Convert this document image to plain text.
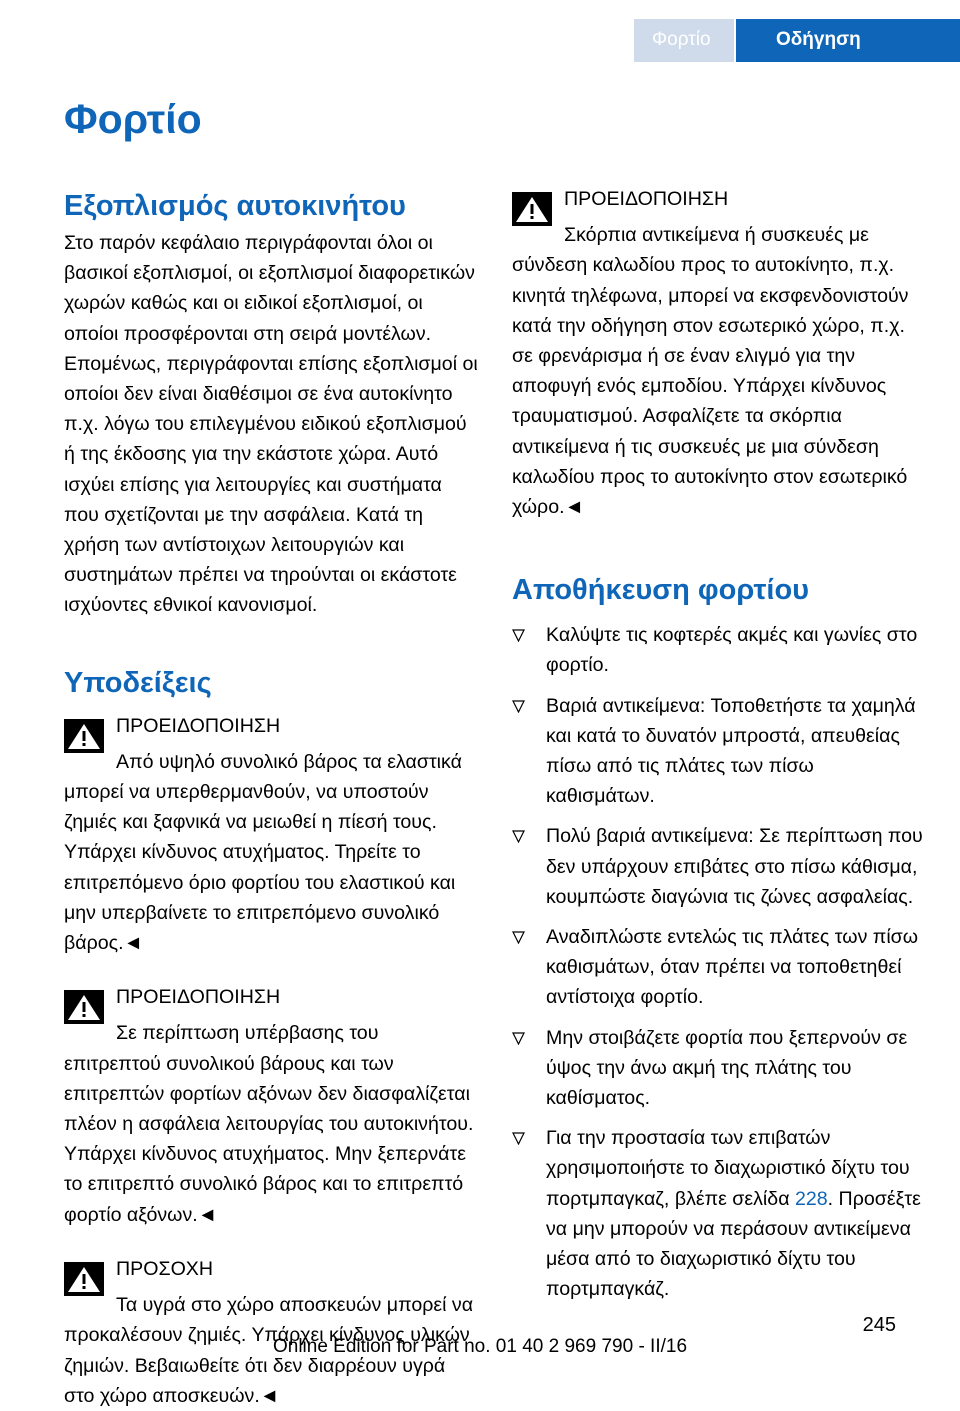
Φορτίο	Οδήγηση
Φορτίο
Εξοπλισμός αυτοκινήτου

Στο παρόν κεφάλαιο περιγράφονται όλοι οι βασικοί εξοπλισμοί, οι εξοπλισμοί διαφορετικών χωρών καθώς και οι ειδικοί εξοπλισμοί, οι οποίοι προσφέρονται στη σειρά μοντέλων. Επομένως, περιγράφονται επίσης εξοπλισμοί οι οποίοι δεν είναι διαθέσιμοι σε ένα αυτοκίνητο π.χ. λόγω του επιλεγμένου ειδικού εξοπλισμού ή της έκδοσης για την εκάστοτε χώρα. Αυτό ισχύει επίσης για λειτουργίες και συστήματα που σχετίζονται με την ασφάλεια. Κατά τη χρήση των αντίστοιχων λειτουργιών και συστημάτων πρέπει να τηρούνται οι εκάστοτε ισχύοντες εθνικοί κανονισμοί.

Υποδείξεις
ΠΡΟΕΙΔΟΠΟΙΗΣΗ

Από υψηλό συνολικό βάρος τα ελαστικά μπορεί να υπερθερμανθούν, να υποστούν ζημιές και ξαφνικά να μειωθεί η πίεσή τους. Υπάρχει κίνδυνος ατυχήματος. Τηρείτε το επιτρεπόμενο όριο φορτίου του ελαστικού και μην υπερβαίνετε το επιτρεπόμενο συνολικό βάρος.◄

ΠΡΟΕΙΔΟΠΟΙΗΣΗ

Σε περίπτωση υπέρβασης του επιτρεπτού συνολικού βάρους και των επιτρεπτών φορτίων αξόνων δεν διασφαλίζεται πλέον η ασφάλεια λειτουργίας του αυτοκινήτου. Υπάρχει κίνδυνος ατυχήματος. Μην ξεπερνάτε το επιτρεπτό συνολικό βάρος και το επιτρεπτό φορτίο αξόνων.◄

ΠΡΟΣΟΧΗ

Τα υγρά στο χώρο αποσκευών μπορεί να προκαλέσουν ζημιές. Υπάρχει κίνδυνος υλικών ζημιών. Βεβαιωθείτε ότι δεν διαρρέουν υγρά στο χώρο αποσκευών.◄

ΠΡΟΕΙΔΟΠΟΙΗΣΗ

Σκόρπια αντικείμενα ή συσκευές με σύνδεση καλωδίου προς το αυτοκίνητο, π.χ. κινητά τηλέφωνα, μπορεί να εκσφενδονιστούν κατά την οδήγηση στον εσωτερικό χώρο, π.χ. σε φρενάρισμα ή σε έναν ελιγμό για την αποφυγή ενός εμποδίου. Υπάρχει κίνδυνος τραυματισμού. Ασφαλίζετε τα σκόρπια αντικείμενα ή τις συσκευές με μια σύνδεση καλωδίου προς το αυτοκίνητο στον εσωτερικό χώρο.◄

Αποθήκευση φορτίου
Καλύψτε τις κοφτερές ακμές και γωνίες στο φορτίο.
Βαριά αντικείμενα: Τοποθετήστε τα χαμηλά και κατά το δυνατόν μπροστά, απευθείας πίσω από τις πλάτες των πίσω καθισμάτων.
Πολύ βαριά αντικείμενα: Σε περίπτωση που δεν υπάρχουν επιβάτες στο πίσω κάθισμα, κουμπώστε διαγώνια τις ζώνες ασφαλείας.
Αναδιπλώστε εντελώς τις πλάτες των πίσω καθισμάτων, όταν πρέπει να τοποθετηθεί αντίστοιχα φορτίο.
Μην στοιβάζετε φορτία που ξεπερνούν σε ύψος την άνω ακμή της πλάτης του καθίσματος.
Για την προστασία των επιβατών χρησιμοποιήστε το διαχωριστικό δίχτυ του πορτμπαγκαζ, βλέπε σελίδα 228. Προσέξτε να μην μπορούν να περάσουν αντικείμενα μέσα από το διαχωριστικό δίχτυ του πορτμπαγκάζ.
245
Online Edition for Part no. 01 40 2 969 790 - II/16
